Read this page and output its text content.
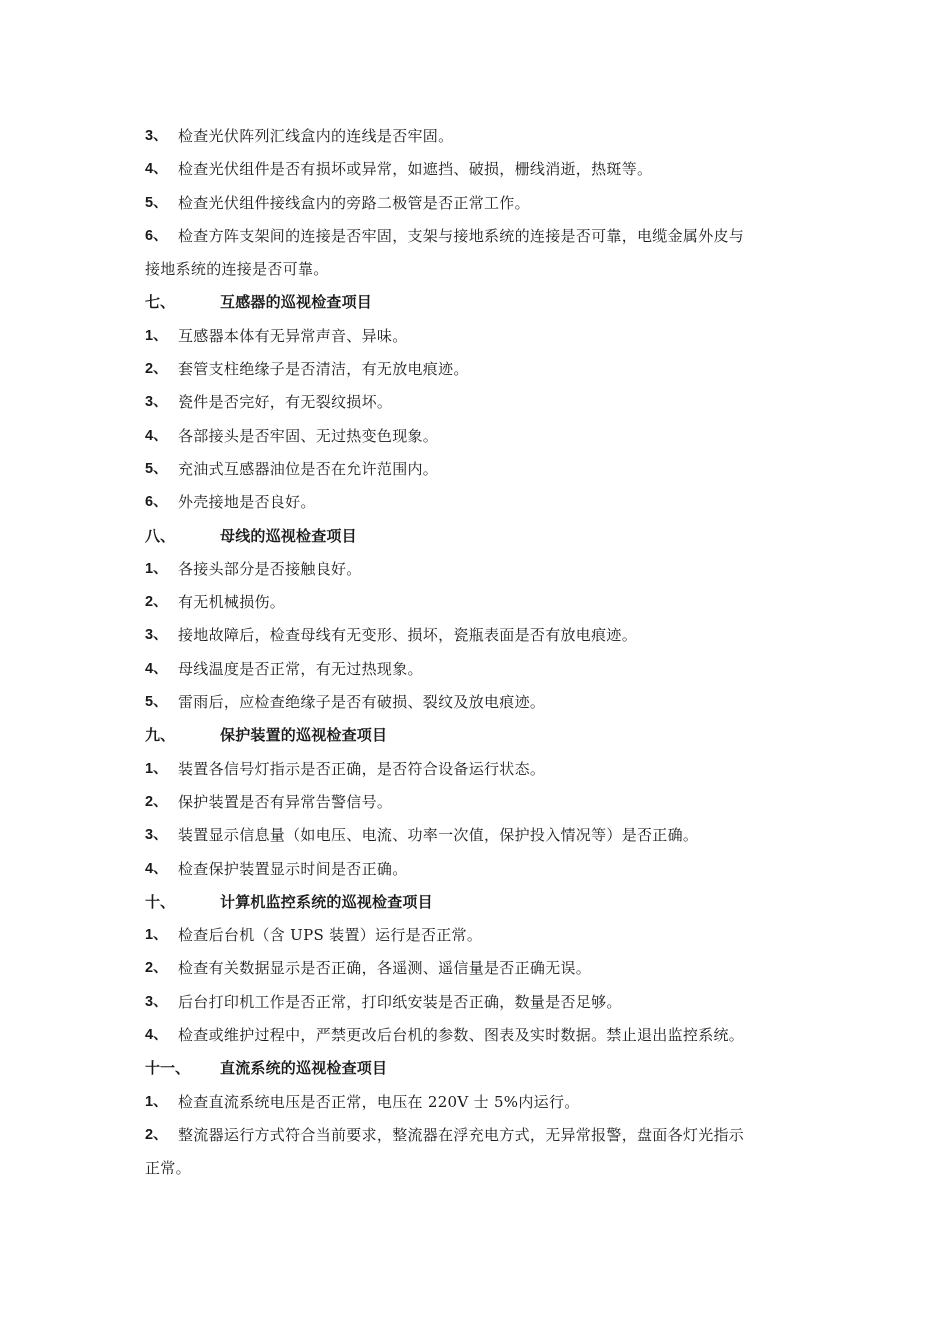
3、 检查光伏阵列汇线盒内的连线是否牢固。
4、 检查光伏组件是否有损坏或异常，如遮挡、破损，栅线消逝，热斑等。
5、 检查光伏组件接线盒内的旁路二极管是否正常工作。
6、 检查方阵支架间的连接是否牢固，支架与接地系统的连接是否可靠，电缆金属外皮与
接地系统的连接是否可靠。
七、	互感器的巡视检查项目
1、 互感器本体有无异常声音、异味。
2、 套管支柱绝缘子是否清洁，有无放电痕迹。
3、 瓷件是否完好，有无裂纹损坏。
4、 各部接头是否牢固、无过热变色现象。
5、 充油式互感器油位是否在允许范围内。
6、 外壳接地是否良好。
八、	母线的巡视检查项目
1、 各接头部分是否接触良好。
2、 有无机械损伤。
3、 接地故障后，检查母线有无变形、损坏，瓷瓶表面是否有放电痕迹。
4、 母线温度是否正常，有无过热现象。
5、 雷雨后，应检查绝缘子是否有破损、裂纹及放电痕迹。
九、	保护装置的巡视检查项目
1、 装置各信号灯指示是否正确，是否符合设备运行状态。
2、 保护装置是否有异常告警信号。
3、 装置显示信息量（如电压、电流、功率一次值，保护投入情况等）是否正确。
4、 检查保护装置显示时间是否正确。
十、	计算机监控系统的巡视检查项目
1、 检查后台机（含 UPS 装置）运行是否正常。
2、 检查有关数据显示是否正确，各遥测、遥信量是否正确无误。
3、 后台打印机工作是否正常，打印纸安装是否正确，数量是否足够。
4、 检查或维护过程中，严禁更改后台机的参数、图表及实时数据。禁止退出监控系统。
十一、 直流系统的巡视检查项目
1、 检查直流系统电压是否正常，电压在 220V 士 5%内运行。
2、 整流器运行方式符合当前要求，整流器在浮充电方式，无异常报警，盘面各灯光指示
正常。
